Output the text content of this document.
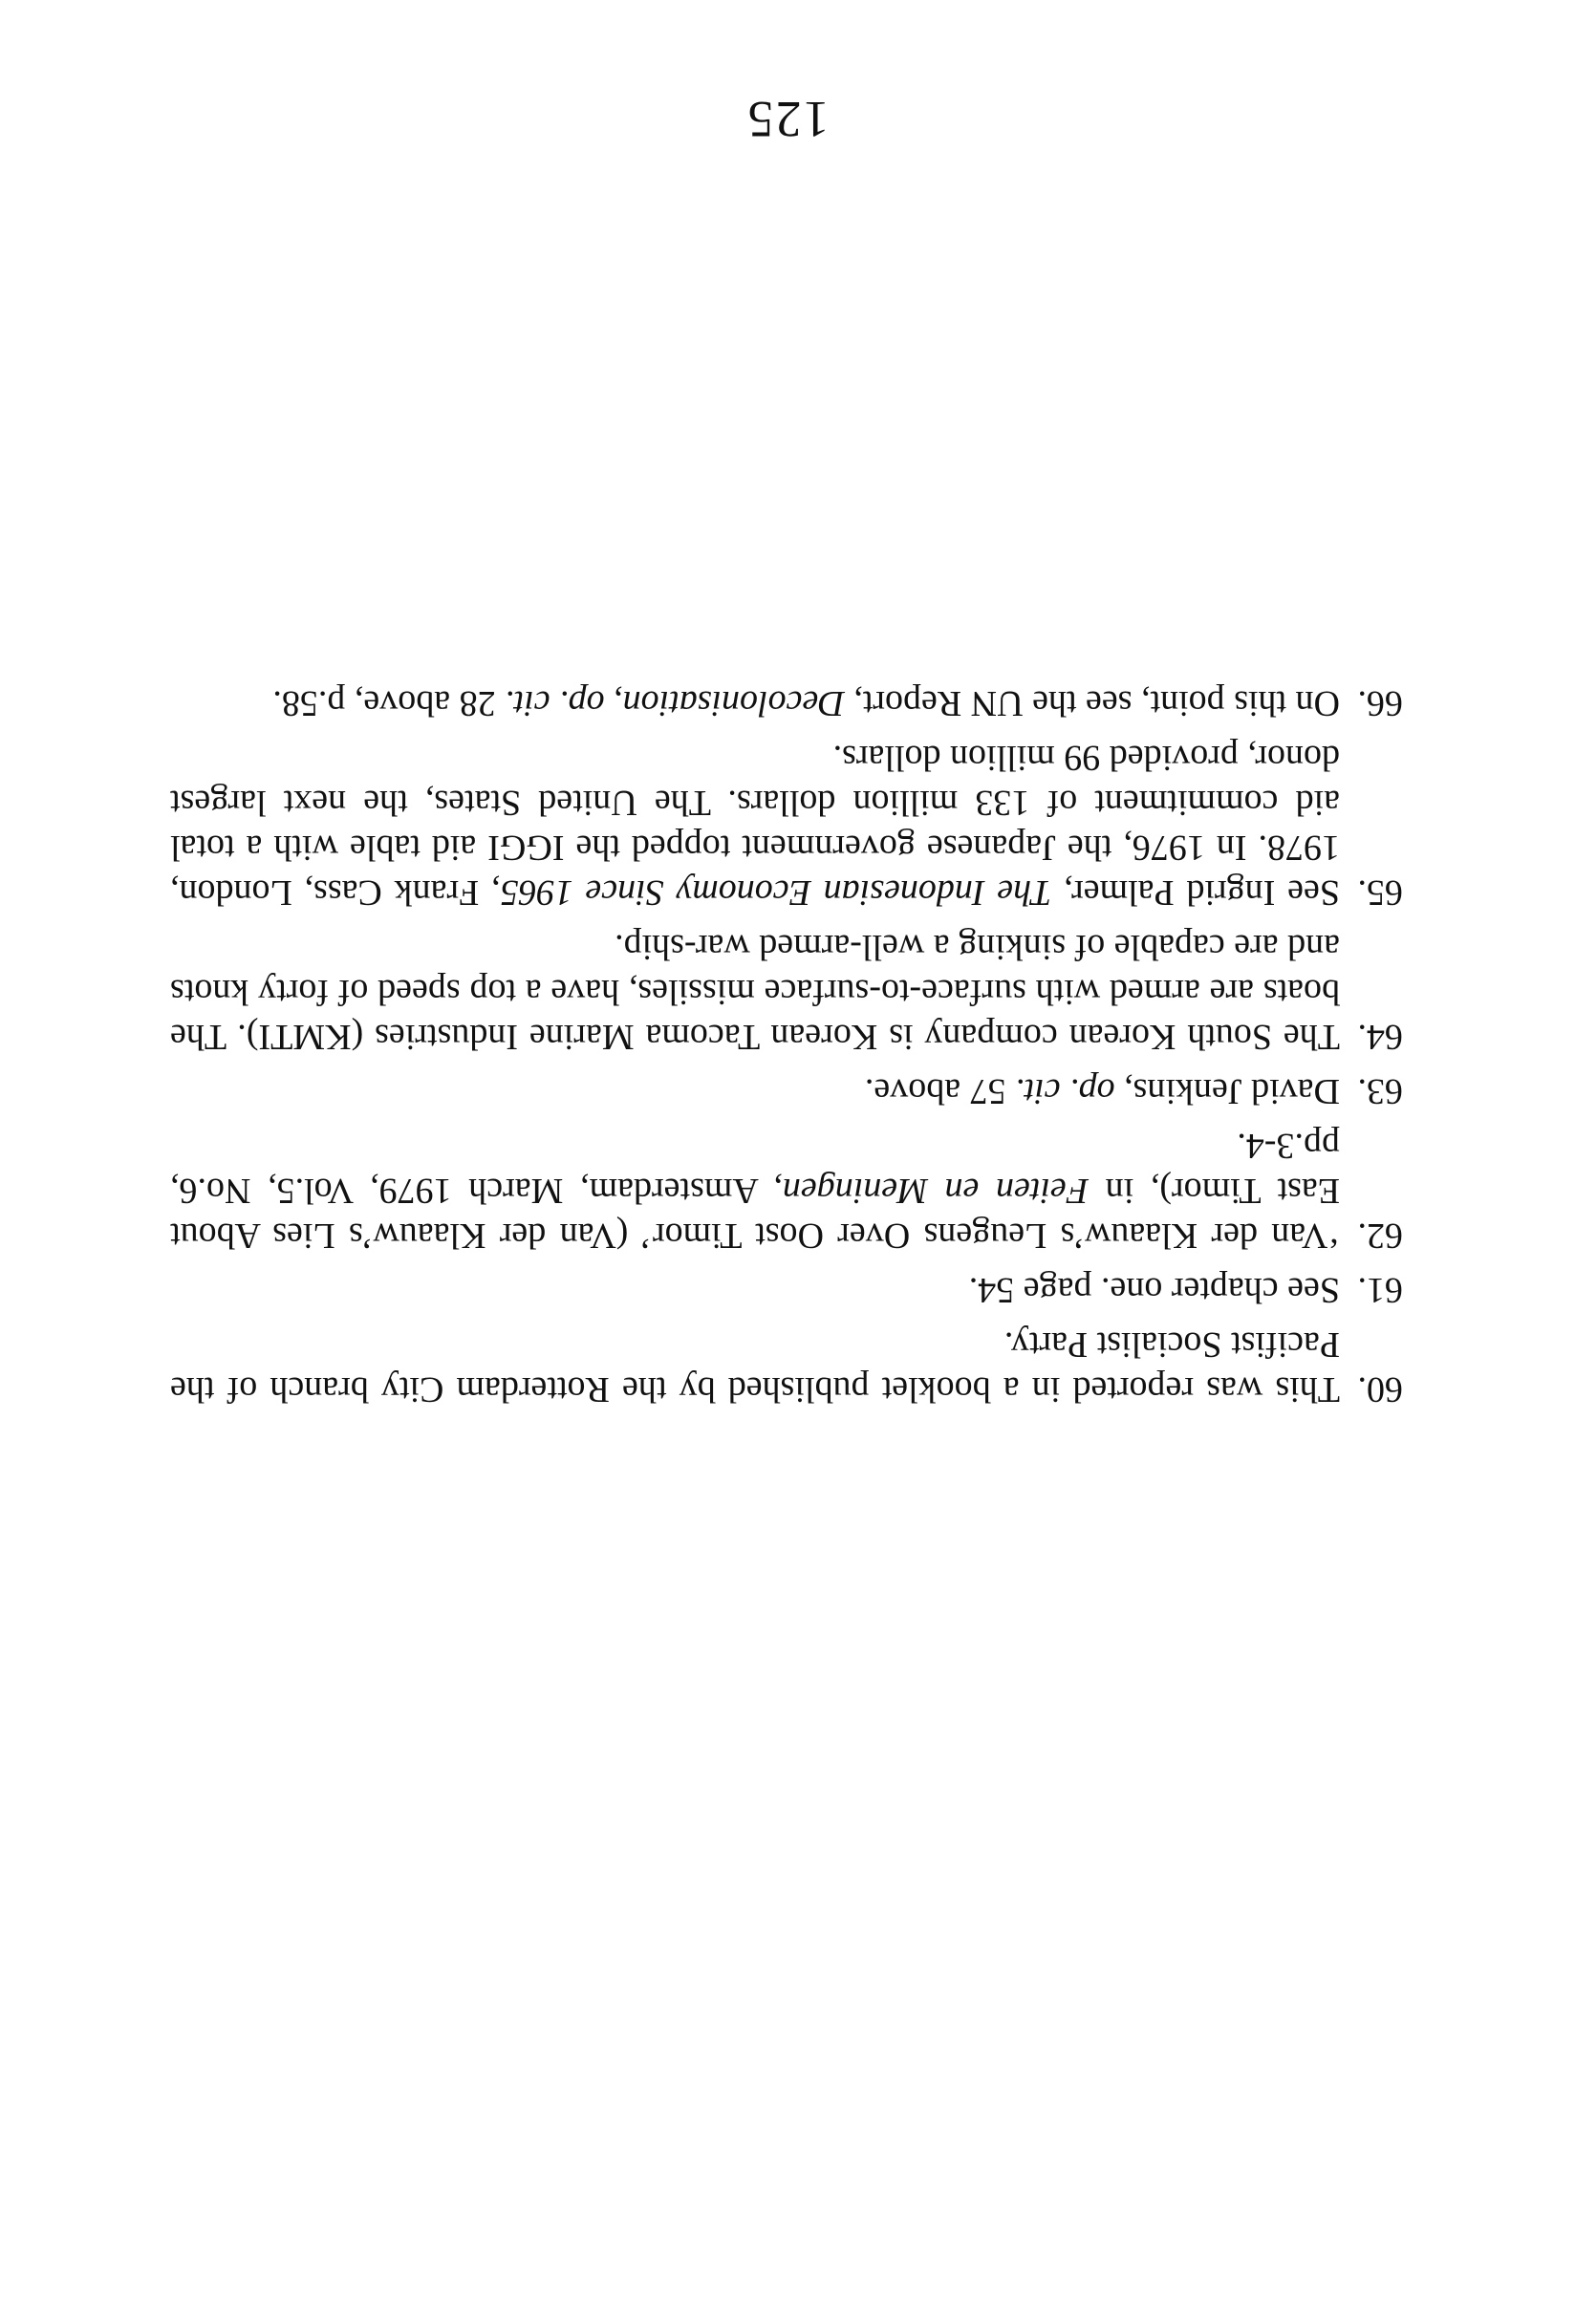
125
60.
This was reported in a booklet published by the Rotterdam City branch of the Pacifist Socialist Party.
61.
See chapter one. page 54.
62.
‘Van der Klaauw’s Leugens Over Oost Timor’ (Van der Klaauw’s Lies About East Timor), in Feiten en Meningen, Amsterdam, March 1979, Vol.5, No.6, pp.3-4.
63.
David Jenkins, op. cit. 57 above.
64.
The South Korean company is Korean Tacoma Marine Industries (KMTI). The boats are armed with surface-to-surface missiles, have a top speed of forty knots and are capable of sinking a well-armed war-ship.
65.
See Ingrid Palmer, The Indonesian Economy Since 1965, Frank Cass, London, 1978. In 1976, the Japanese government topped the IGGI aid table with a total aid commitment of 133 million dollars. The United States, the next largest donor, provided 99 million dollars.
66.
On this point, see the UN Report, Decolonisation, op. cit. 28 above, p.58.
